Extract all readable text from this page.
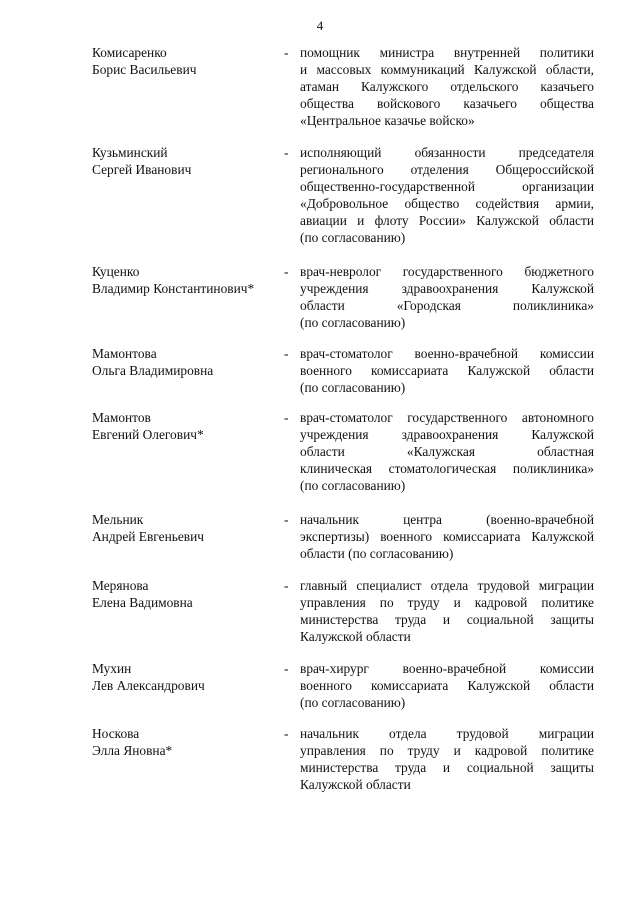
4
Комисаренко
Борис Васильевич
- помощник министра внутренней политики
и массовых коммуникаций Калужской области,
атаман Калужского отдельского казачьего
общества войскового казачьего общества
«Центральное казачье войско»
Кузьминский
Сергей Иванович
- исполняющий обязанности председателя
регионального отделения Общероссийской
общественно-государственной организации
«Добровольное общество содействия армии,
авиации и флоту России» Калужской области
(по согласованию)
Куценко
Владимир Константинович*
- врач-невролог государственного бюджетного
учреждения здравоохранения Калужской
области «Городская поликлиника»
(по согласованию)
Мамонтова
Ольга Владимировна
- врач-стоматолог военно-врачебной комиссии
военного комиссариата Калужской области
(по согласованию)
Мамонтов
Евгений Олегович*
- врач-стоматолог государственного автономного
учреждения здравоохранения Калужской
области «Калужская областная
клиническая стоматологическая поликлиника»
(по согласованию)
Мельник
Андрей Евгеньевич
- начальник центра (военно-врачебной
экспертизы) военного комиссариата Калужской
области (по согласованию)
Мерянова
Елена Вадимовна
- главный специалист отдела трудовой миграции
управления по труду и кадровой политике
министерства труда и социальной защиты
Калужской области
Мухин
Лев Александрович
- врач-хирург военно-врачебной комиссии
военного комиссариата Калужской области
(по согласованию)
Носкова
Элла Яновна*
- начальник отдела трудовой миграции
управления по труду и кадровой политике
министерства труда и социальной защиты
Калужской области
